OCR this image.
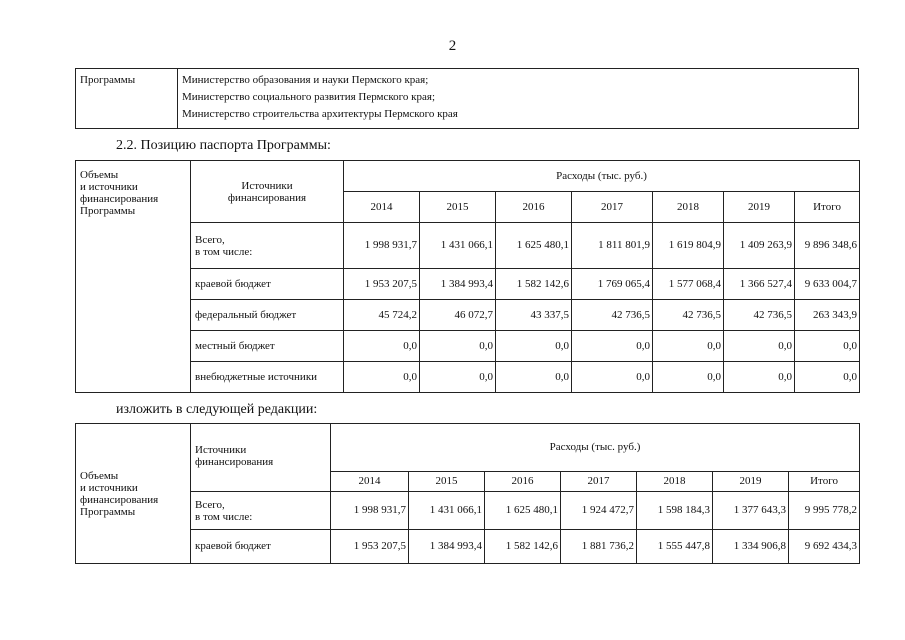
2
Программы	Министерство образования и науки Пермского края;
Министерство социального развития Пермского края;
Министерство строительства архитектуры Пермского края
2.2. Позицию паспорта Программы:
Объемы
и источники
финансирования
Программы	Источники
финансирования	Расходы (тыс. руб.)						
		2014	2015	2016	2017	2018	2019	Итого
	Всего,
в том числе:	1 998 931,7	1 431 066,1	1 625 480,1	1 811 801,9	1 619 804,9	1 409 263,9	9 896 348,6
	краевой бюджет	1 953 207,5	1 384 993,4	1 582 142,6	1 769 065,4	1 577 068,4	1 366 527,4	9 633 004,7
	федеральный бюджет	45 724,2	46 072,7	43 337,5	42 736,5	42 736,5	42 736,5	263 343,9
	местный бюджет	0,0	0,0	0,0	0,0	0,0	0,0	0,0
	внебюджетные источники	0,0	0,0	0,0	0,0	0,0	0,0	0,0
изложить в следующей редакции:
Объемы
и источники
финансирования
Программы	Источники
финансирования	Расходы (тыс. руб.)						
		2014	2015	2016	2017	2018	2019	Итого
	Всего,
в том числе:	1 998 931,7	1 431 066,1	1 625 480,1	1 924 472,7	1 598 184,3	1 377 643,3	9 995 778,2
	краевой бюджет	1 953 207,5	1 384 993,4	1 582 142,6	1 881 736,2	1 555 447,8	1 334 906,8	9 692 434,3
